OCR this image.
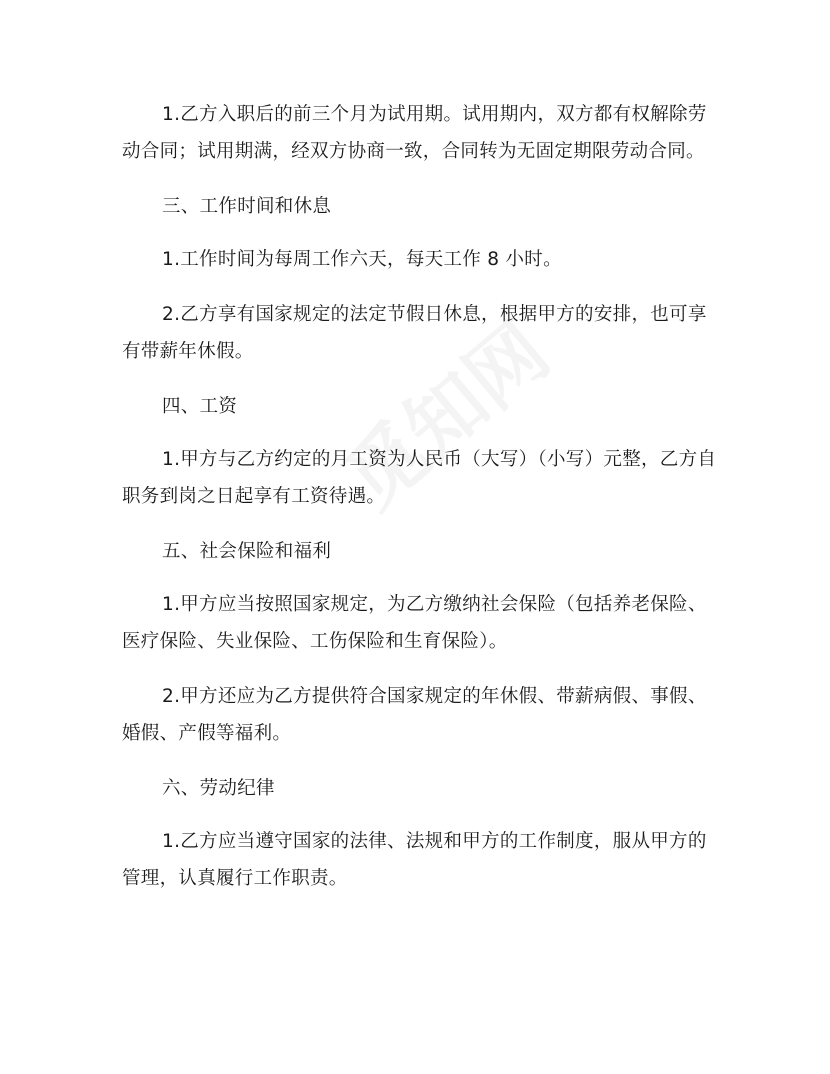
1.乙方入职后的前三个月为试用期。试用期内，双方都有权解除劳动合同；试用期满，经双方协商一致，合同转为无固定期限劳动合同。

三、工作时间和休息

1.工作时间为每周工作六天，每天工作 8 小时。

2.乙方享有国家规定的法定节假日休息，根据甲方的安排，也可享有带薪年休假。

四、工资

1.甲方与乙方约定的月工资为人民币（大写）（小写）元整，乙方自职务到岗之日起享有工资待遇。

五、社会保险和福利

1.甲方应当按照国家规定，为乙方缴纳社会保险（包括养老保险、医疗保险、失业保险、工伤保险和生育保险）。

2.甲方还应为乙方提供符合国家规定的年休假、带薪病假、事假、婚假、产假等福利。

六、劳动纪律

1.乙方应当遵守国家的法律、法规和甲方的工作制度，服从甲方的管理，认真履行工作职责。
